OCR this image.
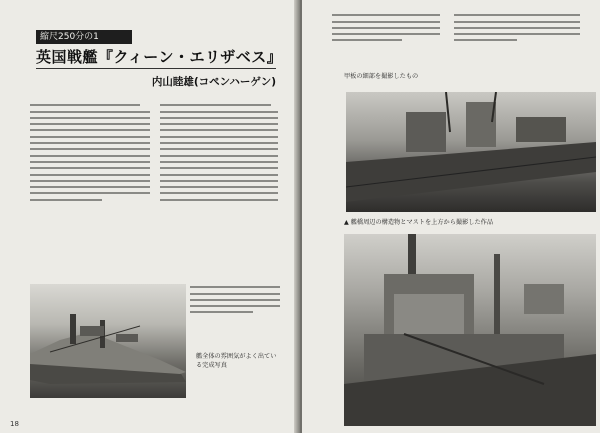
縮尺250分の1
英国戦艦『クィーン・エリザベス』
内山睦雄(コペンハーゲン)
艦全体の雰囲気がよく出ている完成写真
18
甲板の細部を撮影したもの
▲ 艦橋周辺の構造物とマストを上方から撮影した作品
